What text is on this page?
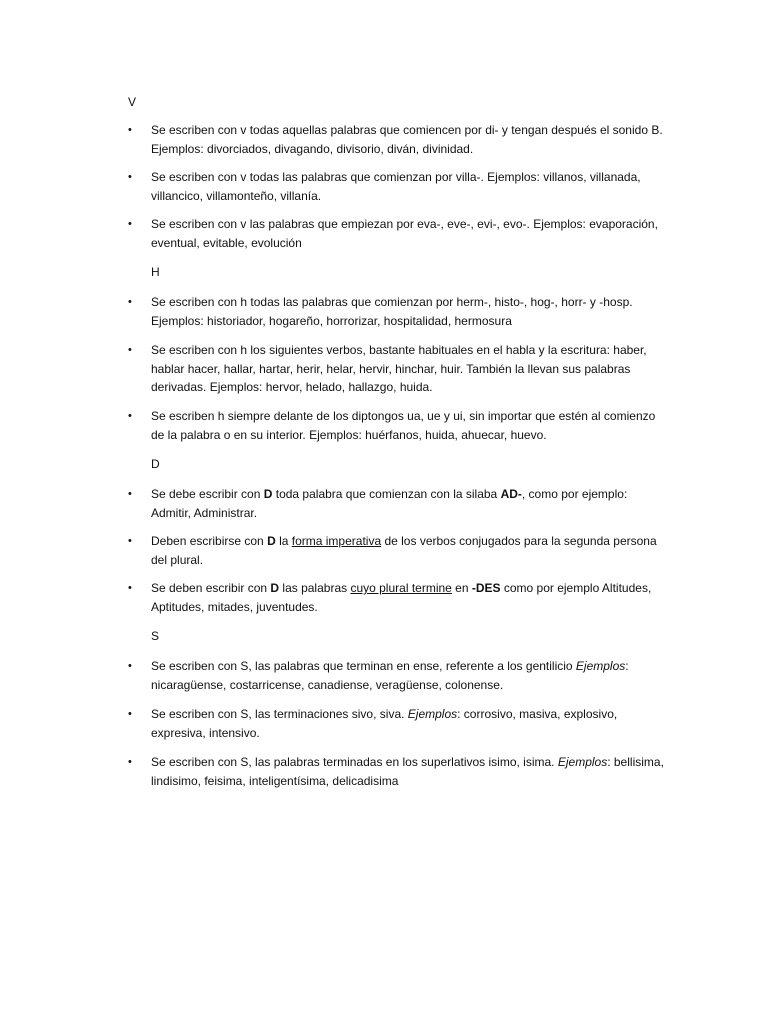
V

•	Se escriben con v todas aquellas palabras que comiencen por di- y tengan después el sonido B. Ejemplos: divorciados, divagando, divisorio, diván, divinidad.

•	Se escriben con v todas las palabras que comienzan por villa-. Ejemplos: villanos, villanada, villancico, villamonteño, villanía.

•	Se escriben con v las palabras que empiezan por eva-, eve-, evi-, evo-. Ejemplos: evaporación, eventual, evitable, evolución

H

•	Se escriben con h todas las palabras que comienzan por herm-, histo-, hog-, horr- y -hosp. Ejemplos: historiador, hogareño, horrorizar, hospitalidad, hermosura

•	Se escriben con h los siguientes verbos, bastante habituales en el habla y la escritura: haber, hablar hacer, hallar, hartar, herir, helar, hervir, hinchar, huir. También la llevan sus palabras derivadas. Ejemplos: hervor, helado, hallazgo, huida.

•	Se escriben h siempre delante de los diptongos ua, ue y ui, sin importar que estén al comienzo de la palabra o en su interior. Ejemplos: huérfanos, huida, ahuecar, huevo.

D

•	Se debe escribir con D toda palabra que comienzan con la silaba AD-, como por ejemplo: Admitir, Administrar.

•	Deben escribirse con D la forma imperativa de los verbos conjugados para la segunda persona del plural.

•	Se deben escribir con D las palabras cuyo plural termine en -DES como por ejemplo Altitudes, Aptitudes, mitades, juventudes.

S

•	Se escriben con S, las palabras que terminan en ense, referente a los gentilicio Ejemplos: nicaragüense, costarricense, canadiense, veragüense, colonense.

•	Se escriben con S, las terminaciones sivo, siva. Ejemplos: corrosivo, masiva, explosivo, expresiva, intensivo.

•	Se escriben con S, las palabras terminadas en los superlativos isimo, isima. Ejemplos: bellisima, lindisimo, feisima, inteligentísima, delicadisima
